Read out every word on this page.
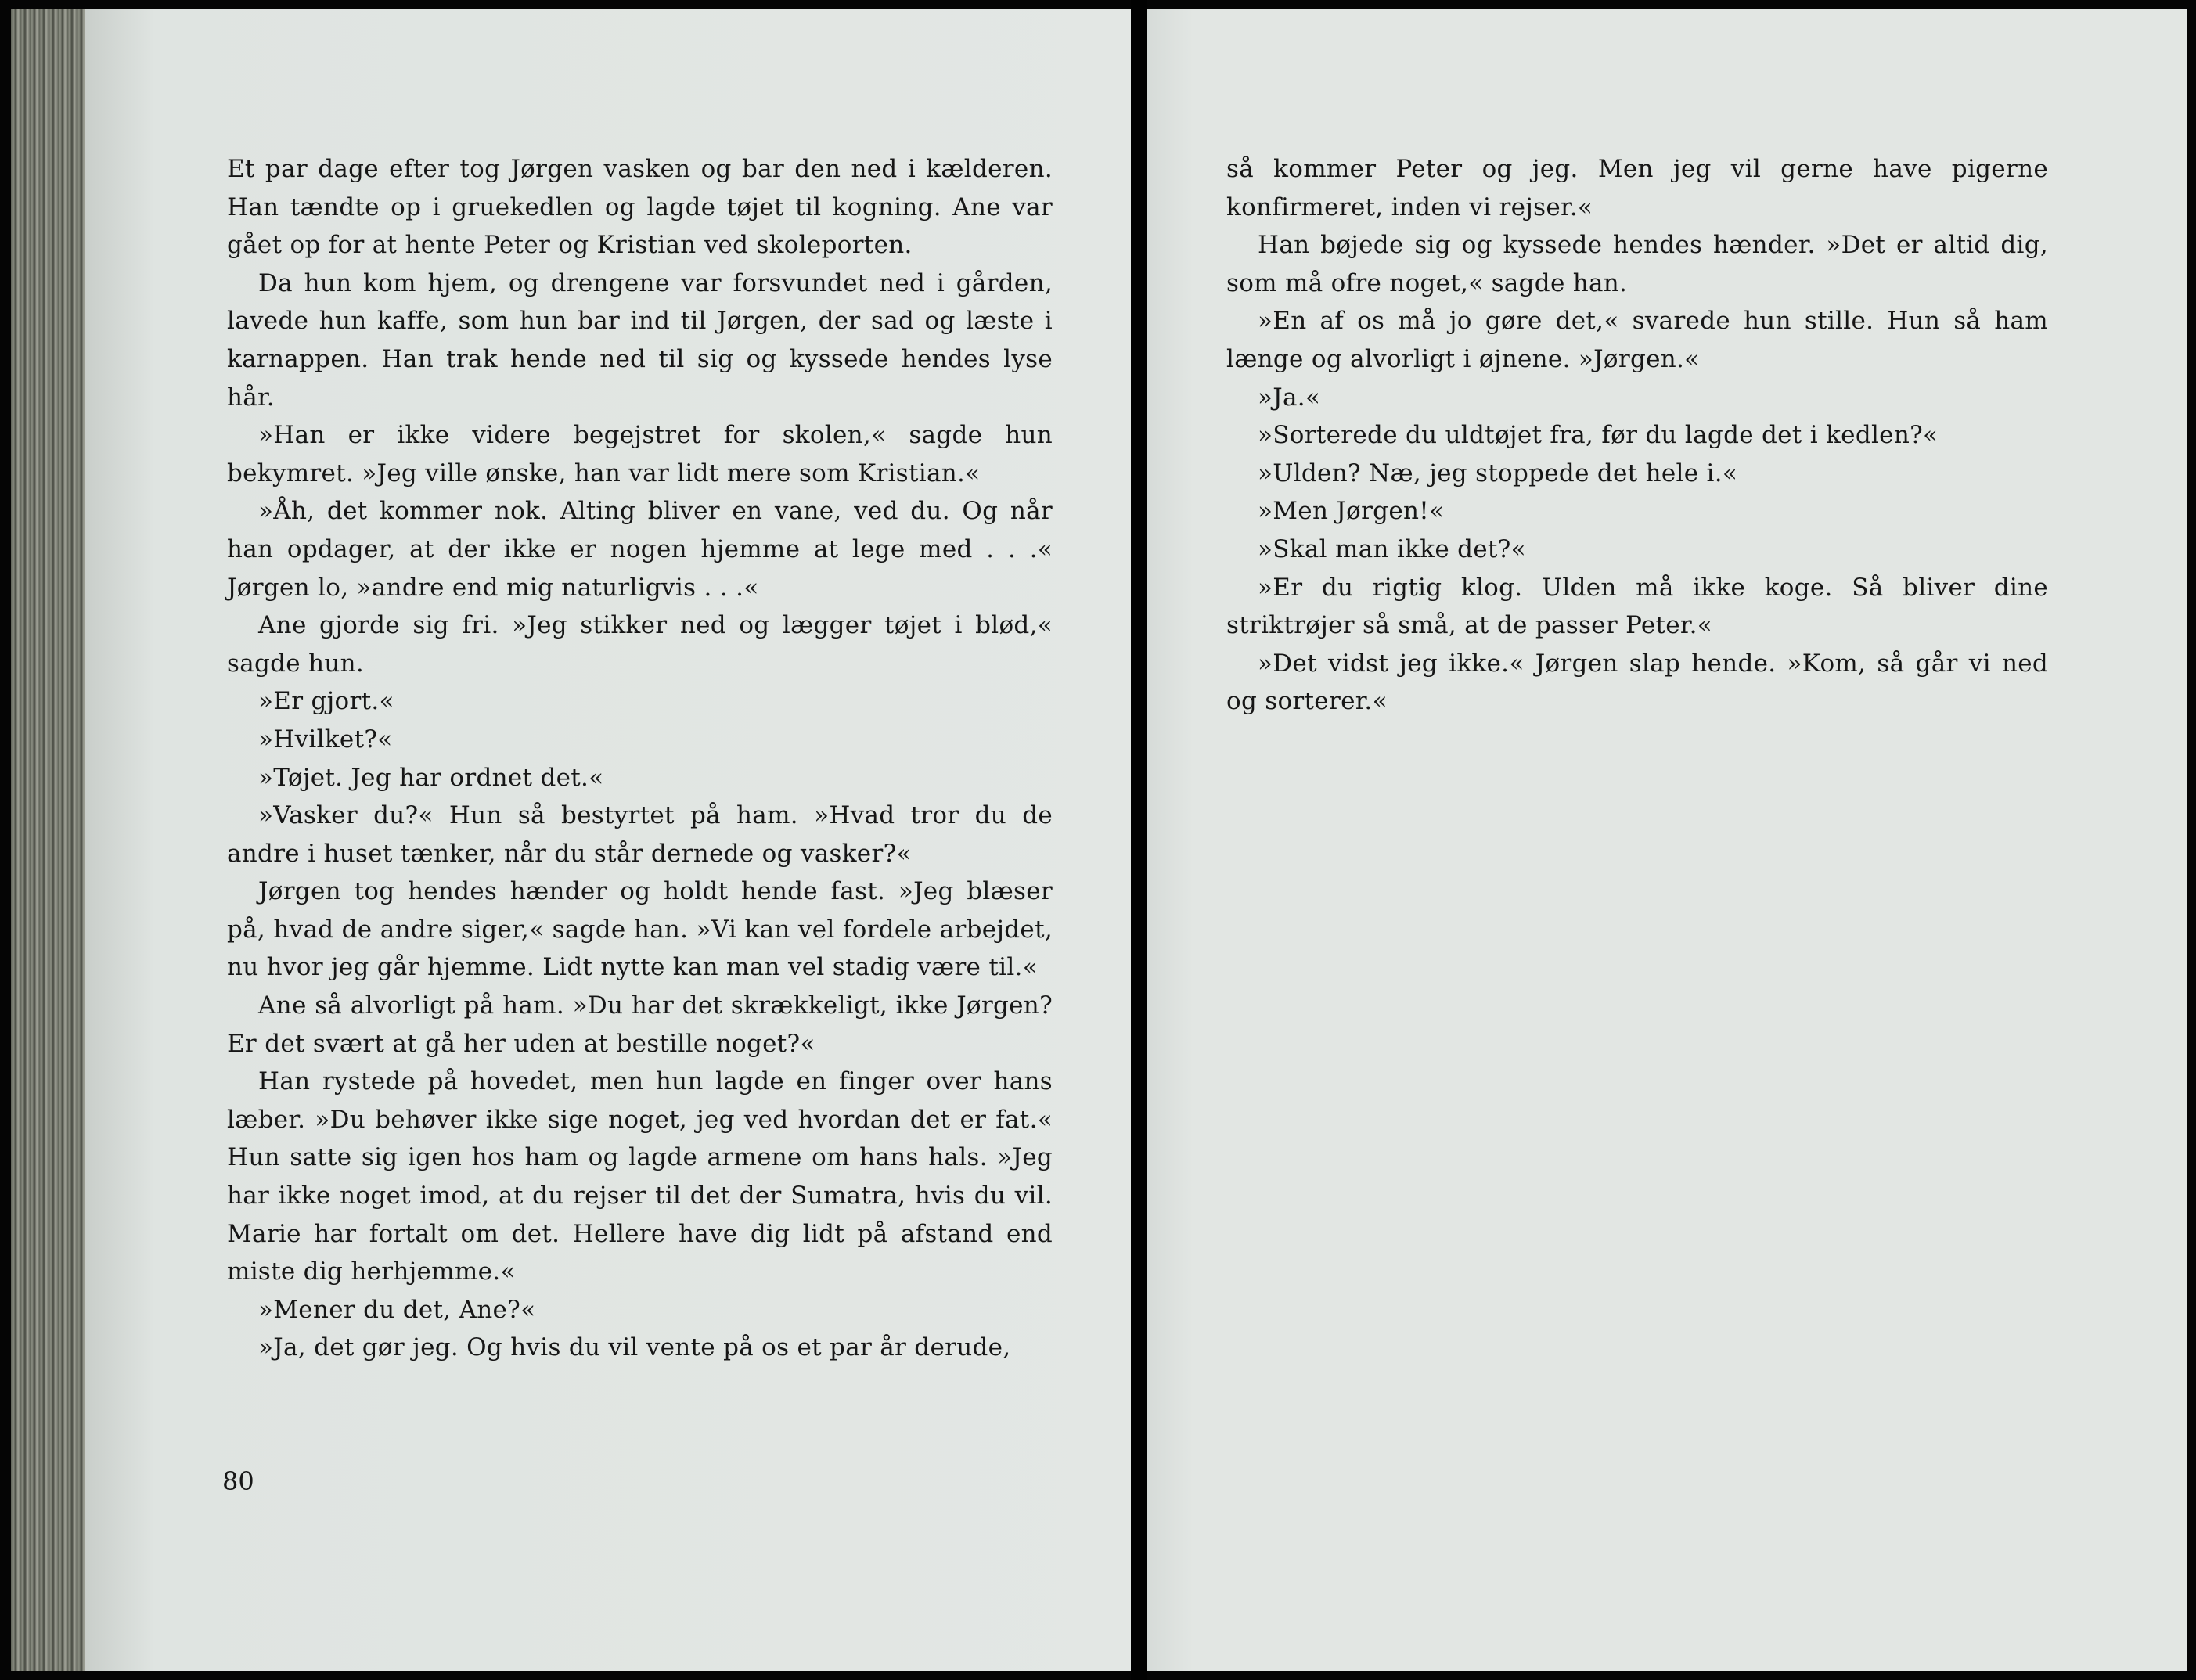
Et par dage efter tog Jørgen vasken og bar den ned i kælderen. Han tændte op i gruekedlen og lagde tøjet til kogning. Ane var gået op for at hente Peter og Kristian ved skoleporten.

Da hun kom hjem, og drengene var forsvundet ned i gården, lavede hun kaffe, som hun bar ind til Jørgen, der sad og læste i karnappen. Han trak hende ned til sig og kyssede hendes lyse hår.

»Han er ikke videre begejstret for skolen,« sagde hun bekymret. »Jeg ville ønske, han var lidt mere som Kristian.«

»Åh, det kommer nok. Alting bliver en vane, ved du. Og når han opdager, at der ikke er nogen hjemme at lege med . . .« Jørgen lo, »andre end mig naturligvis . . .«

Ane gjorde sig fri. »Jeg stikker ned og lægger tøjet i blød,« sagde hun.

»Er gjort.«

»Hvilket?«

»Tøjet. Jeg har ordnet det.«

»Vasker du?« Hun så bestyrtet på ham. »Hvad tror du de andre i huset tænker, når du står dernede og vasker?«

Jørgen tog hendes hænder og holdt hende fast. »Jeg blæser på, hvad de andre siger,« sagde han. »Vi kan vel fordele arbejdet, nu hvor jeg går hjemme. Lidt nytte kan man vel stadig være til.«

Ane så alvorligt på ham. »Du har det skrækkeligt, ikke Jørgen? Er det svært at gå her uden at bestille noget?«

Han rystede på hovedet, men hun lagde en finger over hans læber. »Du behøver ikke sige noget, jeg ved hvordan det er fat.« Hun satte sig igen hos ham og lagde armene om hans hals. »Jeg har ikke noget imod, at du rejser til det der Sumatra, hvis du vil. Marie har fortalt om det. Hellere have dig lidt på afstand end miste dig herhjemme.«

»Mener du det, Ane?«

»Ja, det gør jeg. Og hvis du vil vente på os et par år derude,

80

så kommer Peter og jeg. Men jeg vil gerne have pigerne konfirmeret, inden vi rejser.«

Han bøjede sig og kyssede hendes hænder. »Det er altid dig, som må ofre noget,« sagde han.

»En af os må jo gøre det,« svarede hun stille. Hun så ham længe og alvorligt i øjnene. »Jørgen.«

»Ja.«

»Sorterede du uldtøjet fra, før du lagde det i kedlen?«

»Ulden? Næ, jeg stoppede det hele i.«

»Men Jørgen!«

»Skal man ikke det?«

»Er du rigtig klog. Ulden må ikke koge. Så bliver dine striktrøjer så små, at de passer Peter.«

»Det vidst jeg ikke.« Jørgen slap hende. »Kom, så går vi ned og sorterer.«
